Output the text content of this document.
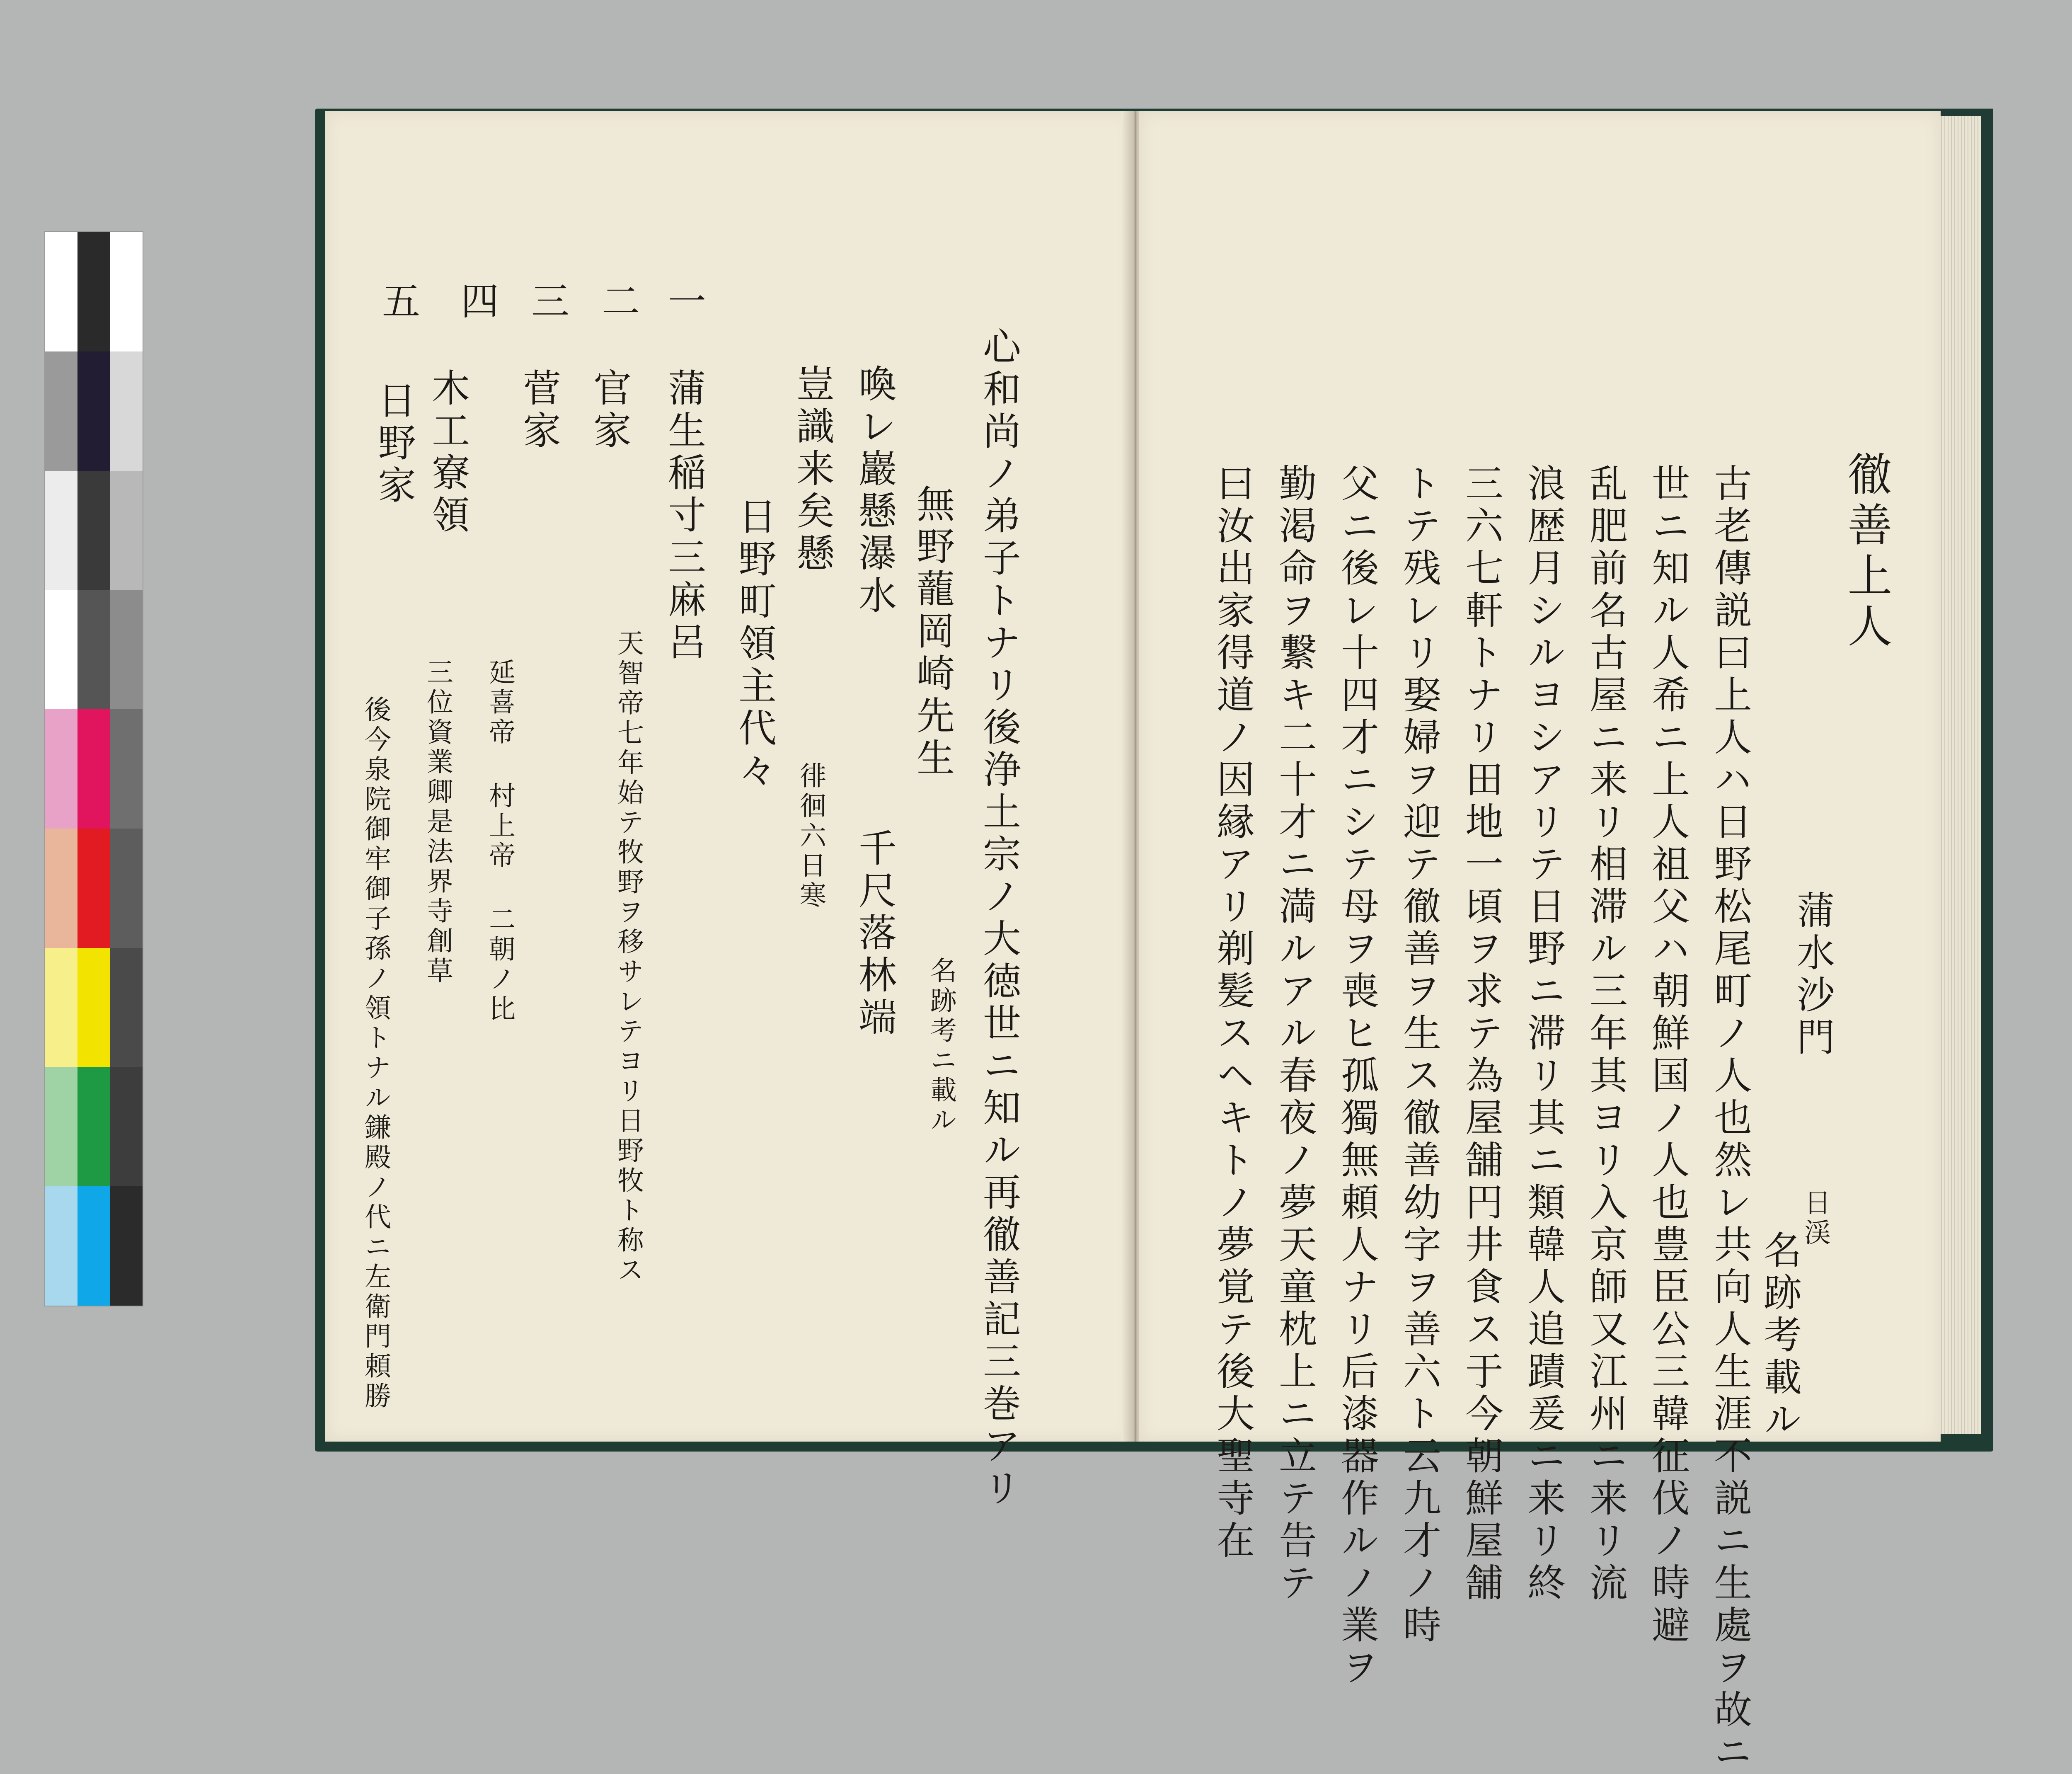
心和尚ノ弟子トナリ後浄土宗ノ大徳世ニ知ル再徹善記三巻アリ
無野蘢岡崎先生
名跡考ニ載ル
喚レ巖懸瀑水
千尺落林端
豈識来矣懸
徘徊六日寒
日野町領主代々
一
蒲生稲寸三麻呂
天智帝七年始テ牧野ヲ移サレテヨリ日野牧ト称ス
二
官家
三
菅家
延喜帝 村上帝 二朝ノ比
四
木工寮領
三位資業卿是法界寺創草
五
日野家
後今泉院御牢御子孫ノ領トナル鎌殿ノ代ニ左衛門頼勝
徹善上人
蒲水沙門
日渓
名跡考載ル
古老傳説曰上人ハ日野松尾町ノ人也然レ共向人生涯不説ニ生處ヲ故ニ
世ニ知ル人希ニ上人祖父ハ朝鮮国ノ人也豊臣公三韓征伐ノ時避
乱肥前名古屋ニ来リ相滞ル三年其ヨリ入京師又江州ニ来リ流
浪歴月シルヨシアリテ日野ニ滞リ其ニ類韓人追蹟爰ニ来リ終
三六七軒トナリ田地一頃ヲ求テ為屋舗円井食ス于今朝鮮屋舗
トテ残レリ娶婦ヲ迎テ徹善ヲ生ス徹善幼字ヲ善六ト云九才ノ時
父ニ後レ十四才ニシテ母ヲ喪ヒ孤獨無頼人ナリ后漆器作ルノ業ヲ
勤渇命ヲ繋キ二十才ニ満ルアル春夜ノ夢天童枕上ニ立テ告テ
曰汝出家得道ノ因縁アリ剃髪スヘキトノ夢覚テ後大聖寺在
